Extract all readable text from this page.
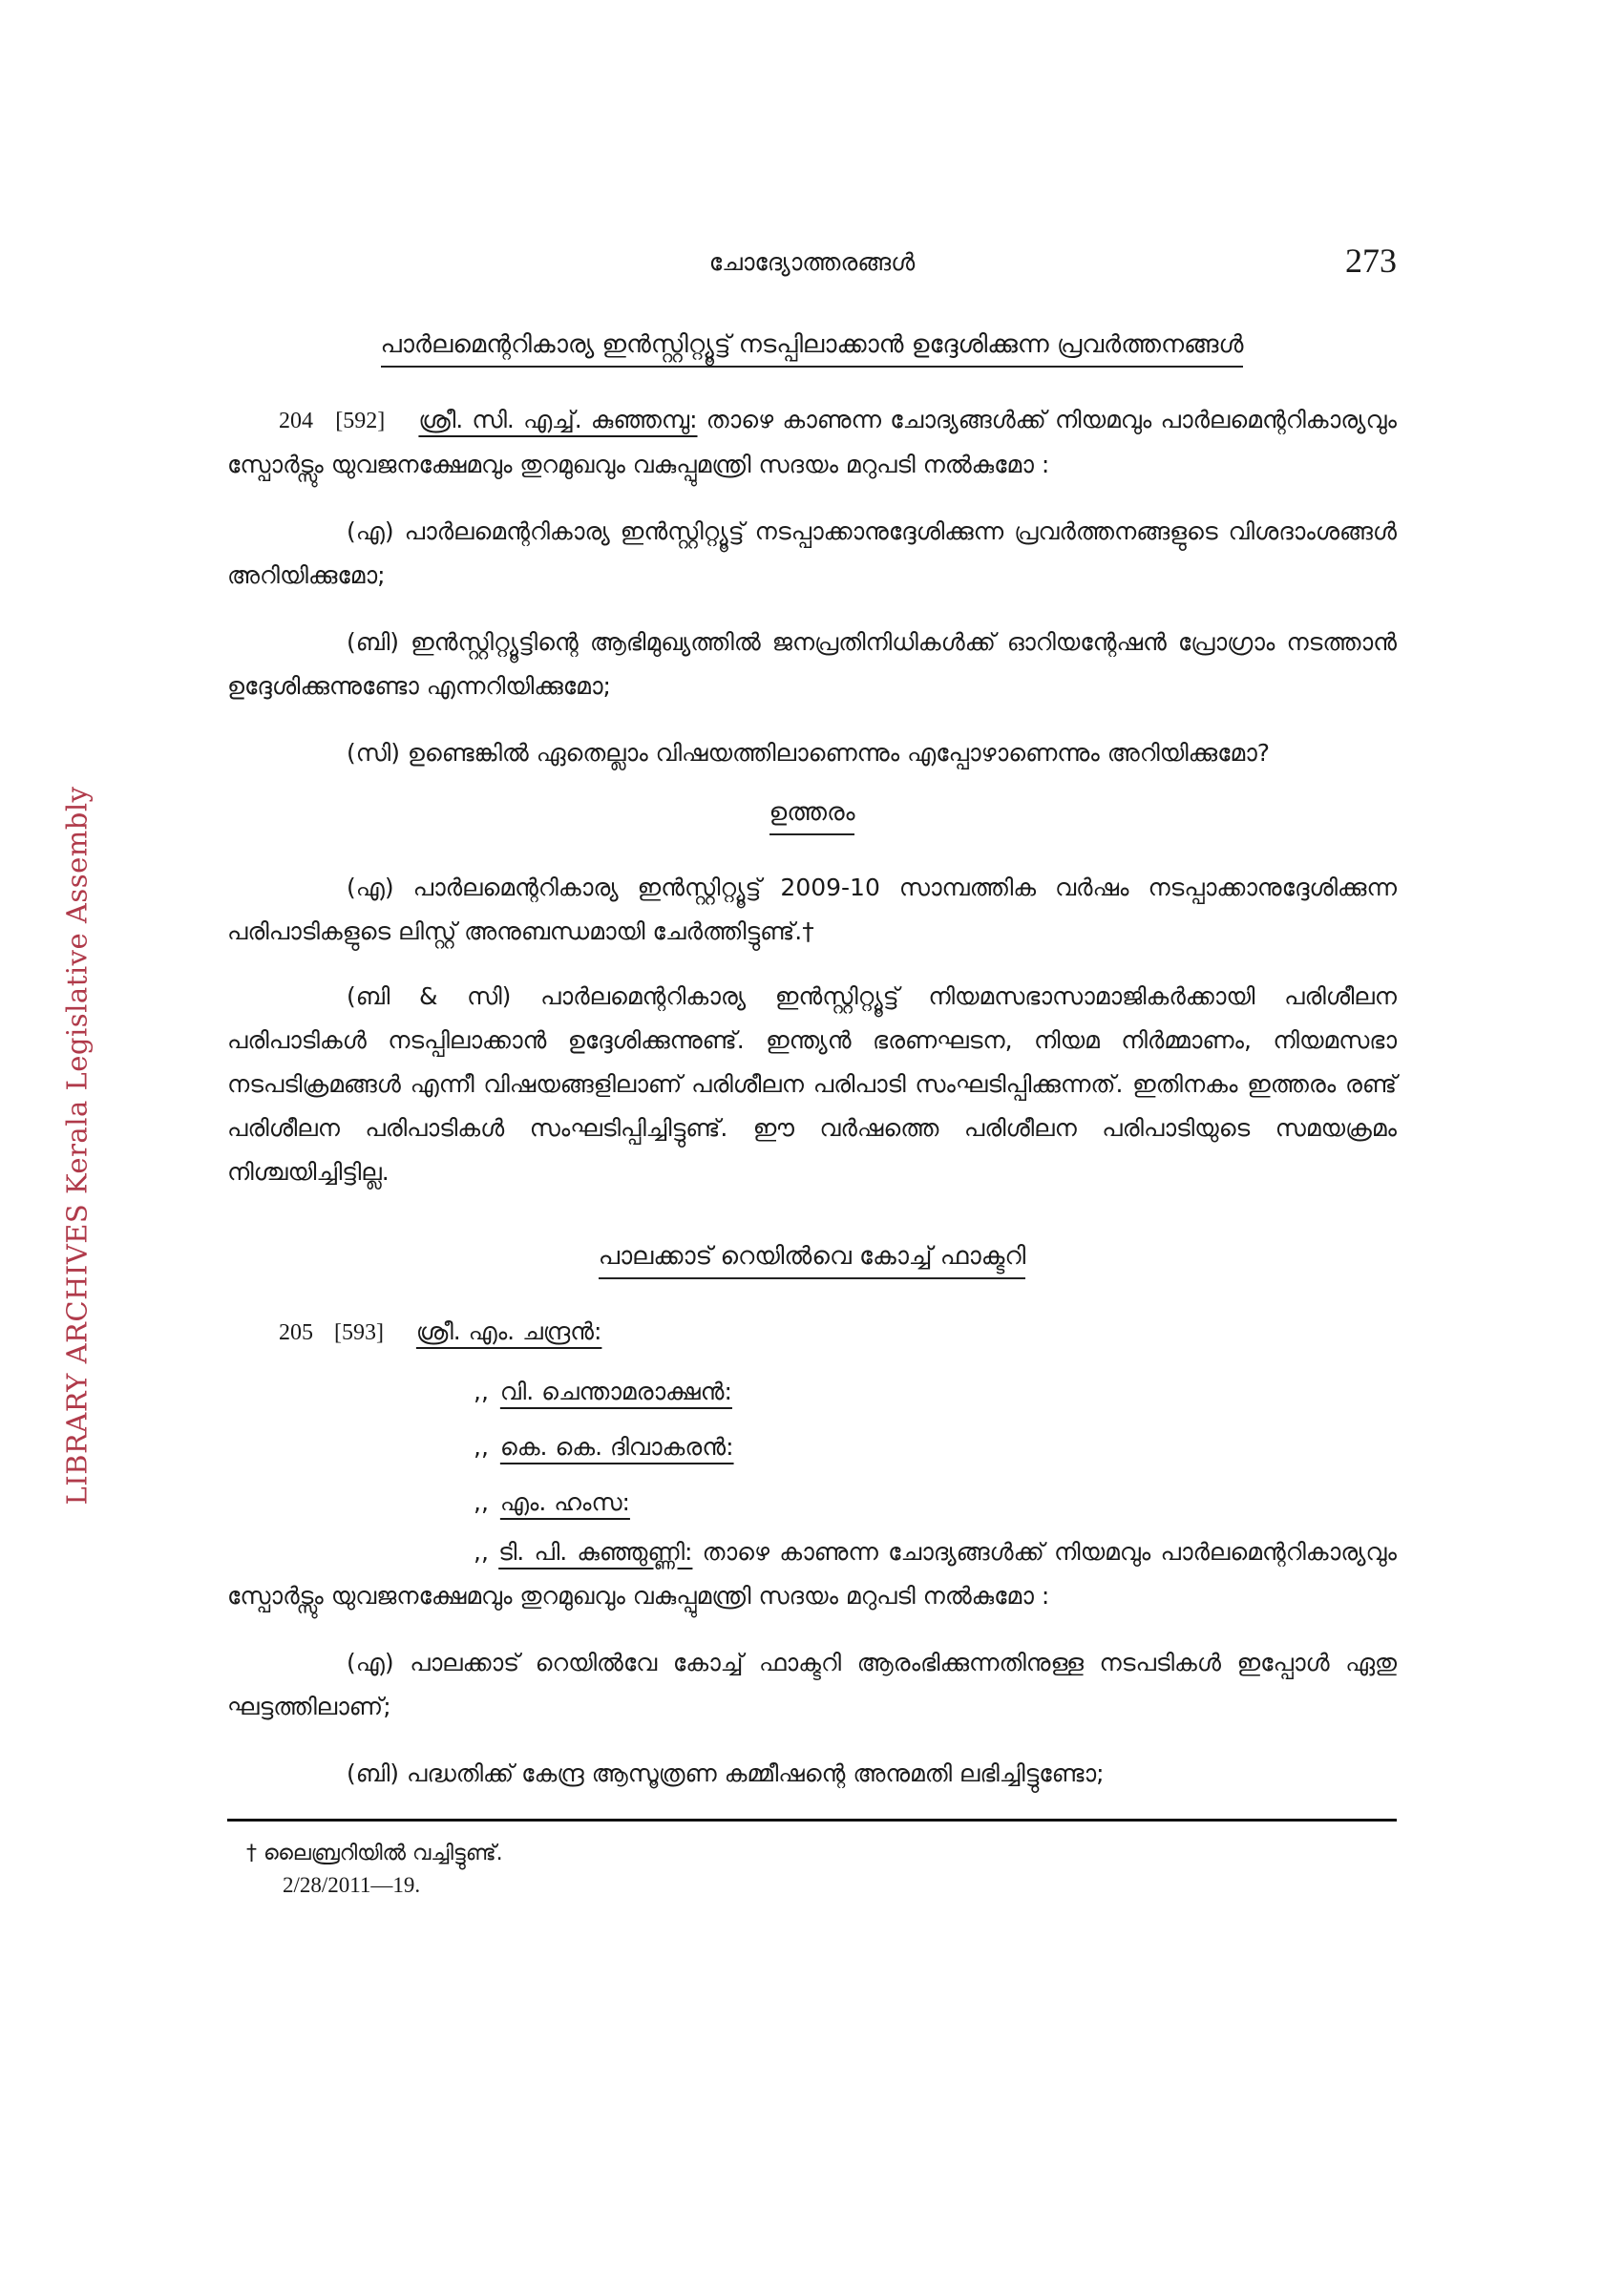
LIBRARY ARCHIVES Kerala Legislative Assembly
ചോദ്യോത്തരങ്ങൾ	273
പാർലമെന്ററികാര്യ ഇൻസ്റ്റിറ്റ്യൂട്ട് നടപ്പിലാക്കാൻ ഉദ്ദേശിക്കുന്ന പ്രവർത്തനങ്ങൾ

204 [592] ശ്രീ. സി. എച്ച്. കുഞ്ഞമ്പു: താഴെ കാണുന്ന ചോദ്യങ്ങൾക്ക് നിയമവും പാർലമെന്ററികാര്യവും സ്പോർട്സും യുവജനക്ഷേമവും തുറമുഖവും വകുപ്പുമന്ത്രി സദയം മറുപടി നൽകുമോ :

(എ) പാർലമെന്ററികാര്യ ഇൻസ്റ്റിറ്റ്യൂട്ട് നടപ്പാക്കാനുദ്ദേശിക്കുന്ന പ്രവർത്തനങ്ങളുടെ വിശദാംശങ്ങൾ അറിയിക്കുമോ;

(ബി) ഇൻസ്റ്റിറ്റ്യൂട്ടിന്റെ ആഭിമുഖ്യത്തിൽ ജനപ്രതിനിധികൾക്ക് ഓറിയന്റേഷൻ പ്രോഗ്രാം നടത്താൻ ഉദ്ദേശിക്കുന്നുണ്ടോ എന്നറിയിക്കുമോ;

(സി) ഉണ്ടെങ്കിൽ ഏതെല്ലാം വിഷയത്തിലാണെന്നും എപ്പോഴാണെന്നും അറിയിക്കുമോ?

ഉത്തരം

(എ) പാർലമെന്ററികാര്യ ഇൻസ്റ്റിറ്റ്യൂട്ട് 2009-10 സാമ്പത്തിക വർഷം നടപ്പാക്കാനുദ്ദേശിക്കുന്ന പരിപാടികളുടെ ലിസ്റ്റ് അനുബന്ധമായി ചേർത്തിട്ടുണ്ട്.†

(ബി & സി) പാർലമെന്ററികാര്യ ഇൻസ്റ്റിറ്റ്യൂട്ട് നിയമസഭാസാമാജികർക്കായി പരിശീലന പരിപാടികൾ നടപ്പിലാക്കാൻ ഉദ്ദേശിക്കുന്നുണ്ട്. ഇന്ത്യൻ ഭരണഘടന, നിയമ നിർമ്മാണം, നിയമസഭാ നടപടിക്രമങ്ങൾ എന്നീ വിഷയങ്ങളിലാണ് പരിശീലന പരിപാടി സംഘടിപ്പിക്കുന്നത്. ഇതിനകം ഇത്തരം രണ്ട് പരിശീലന പരിപാടികൾ സംഘടിപ്പിച്ചിട്ടുണ്ട്. ഈ വർഷത്തെ പരിശീലന പരിപാടിയുടെ സമയക്രമം നിശ്ചയിച്ചിട്ടില്ല.

പാലക്കാട് റെയിൽവെ കോച്ച് ഫാക്ടറി

205 [593] ശ്രീ. എം. ചന്ദ്രൻ:

,, വി. ചെന്താമരാക്ഷൻ:
,, കെ. കെ. ദിവാകരൻ:
,, എം. ഹംസ:

,, ടി. പി. കുഞ്ഞുണ്ണി: താഴെ കാണുന്ന ചോദ്യങ്ങൾക്ക് നിയമവും പാർലമെന്ററികാര്യവും സ്പോർട്സും യുവജനക്ഷേമവും തുറമുഖവും വകുപ്പുമന്ത്രി സദയം മറുപടി നൽകുമോ :

(എ) പാലക്കാട് റെയിൽവേ കോച്ച് ഫാക്ടറി ആരംഭിക്കുന്നതിനുള്ള നടപടികൾ ഇപ്പോൾ ഏതു ഘട്ടത്തിലാണ്;

(ബി) പദ്ധതിക്ക് കേന്ദ്ര ആസൂത്രണ കമ്മീഷന്റെ അനുമതി ലഭിച്ചിട്ടുണ്ടോ;

† ലൈബ്രറിയിൽ വച്ചിട്ടുണ്ട്.
2/28/2011—19.
